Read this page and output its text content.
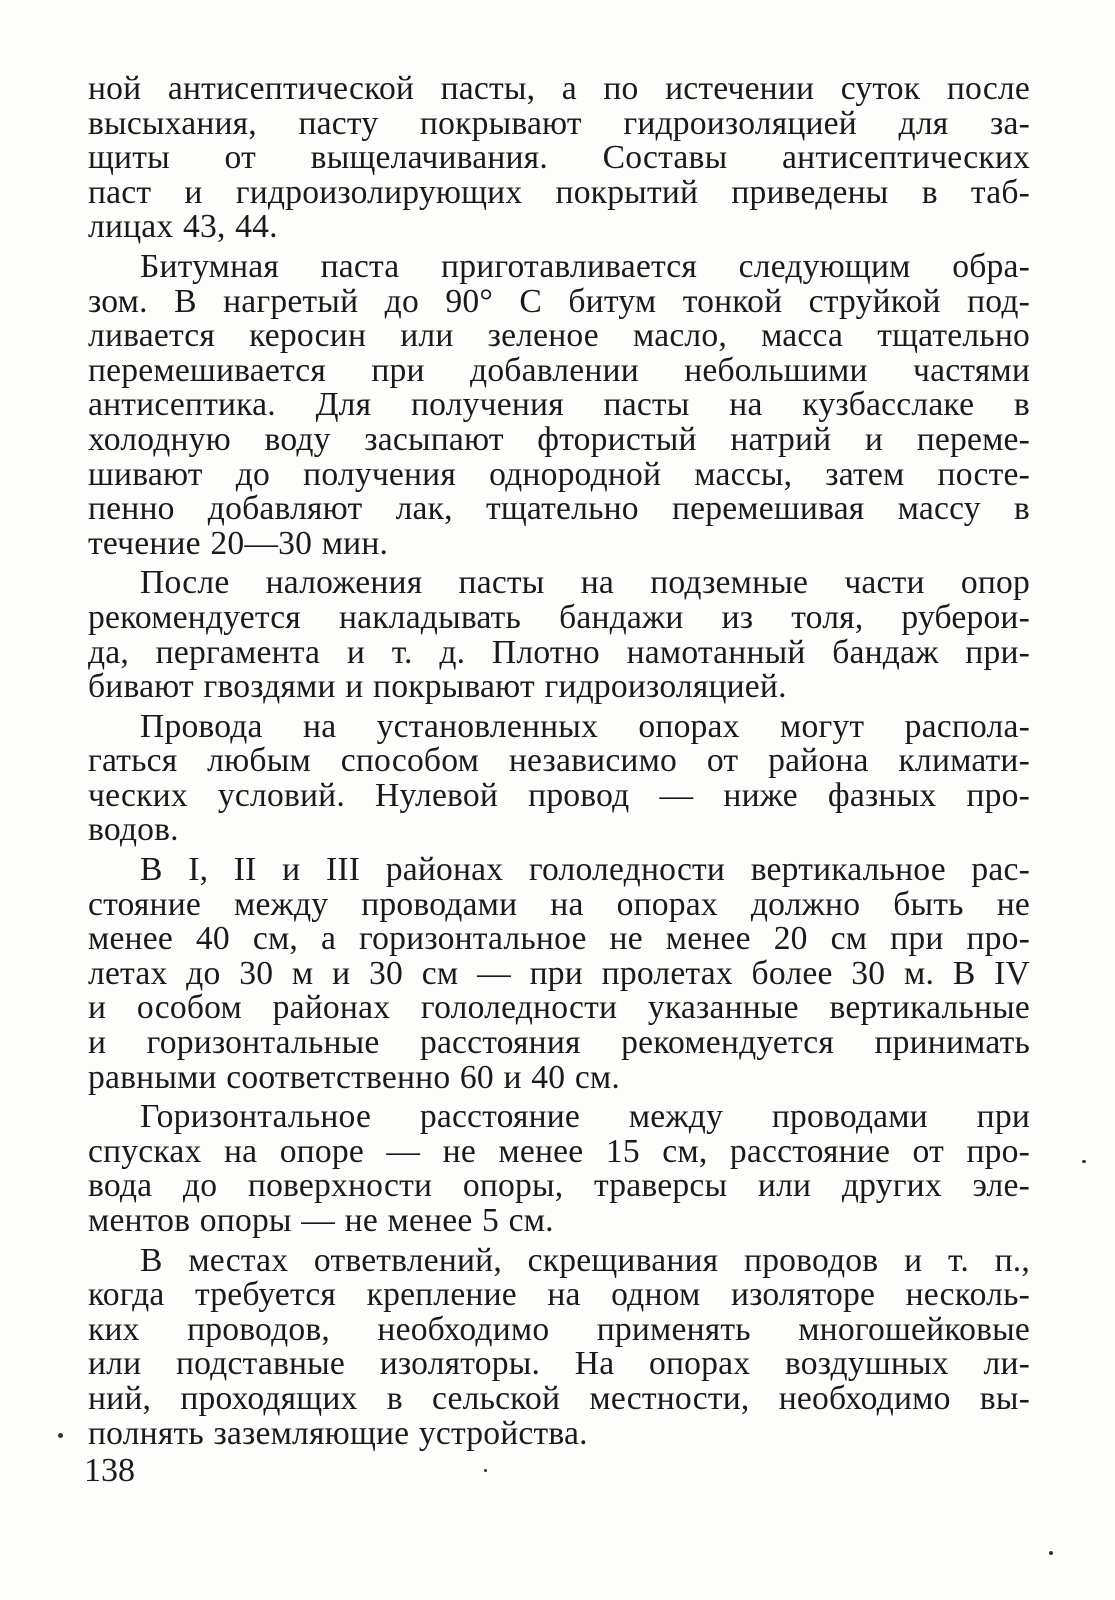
ной антисептической пасты, а по истечении суток после
высыхания, пасту покрывают гидроизоляцией для за-
щиты от выщелачивания. Составы антисептических
паст и гидроизолирующих покрытий приведены в таб-
лицах 43, 44.

Битумная паста приготавливается следующим обра-
зом. В нагретый до 90° С битум тонкой струйкой под-
ливается керосин или зеленое масло, масса тщательно
перемешивается при добавлении небольшими частями
антисептика. Для получения пасты на кузбасслаке в
холодную воду засыпают фтористый натрий и переме-
шивают до получения однородной массы, затем посте-
пенно добавляют лак, тщательно перемешивая массу в
течение 20—30 мин.

После наложения пасты на подземные части опор
рекомендуется накладывать бандажи из толя, руберои-
да, пергамента и т. д. Плотно намотанный бандаж при-
бивают гвоздями и покрывают гидроизоляцией.

Провода на установленных опорах могут распола-
гаться любым способом независимо от района климати-
ческих условий. Нулевой провод — ниже фазных про-
водов.

В I, II и III районах гололедности вертикальное рас-
стояние между проводами на опорах должно быть не
менее 40 см, а горизонтальное не менее 20 см при про-
летах до 30 м и 30 см — при пролетах более 30 м. В IV
и особом районах гололедности указанные вертикальные
и горизонтальные расстояния рекомендуется принимать
равными соответственно 60 и 40 см.

Горизонтальное расстояние между проводами при
спусках на опоре — не менее 15 см, расстояние от про-
вода до поверхности опоры, траверсы или других эле-
ментов опоры — не менее 5 см.

В местах ответвлений, скрещивания проводов и т. п.,
когда требуется крепление на одном изоляторе несколь-
ких проводов, необходимо применять многошейковые
или подставные изоляторы. На опорах воздушных ли-
ний, проходящих в сельской местности, необходимо вы-
полнять заземляющие устройства.

138
